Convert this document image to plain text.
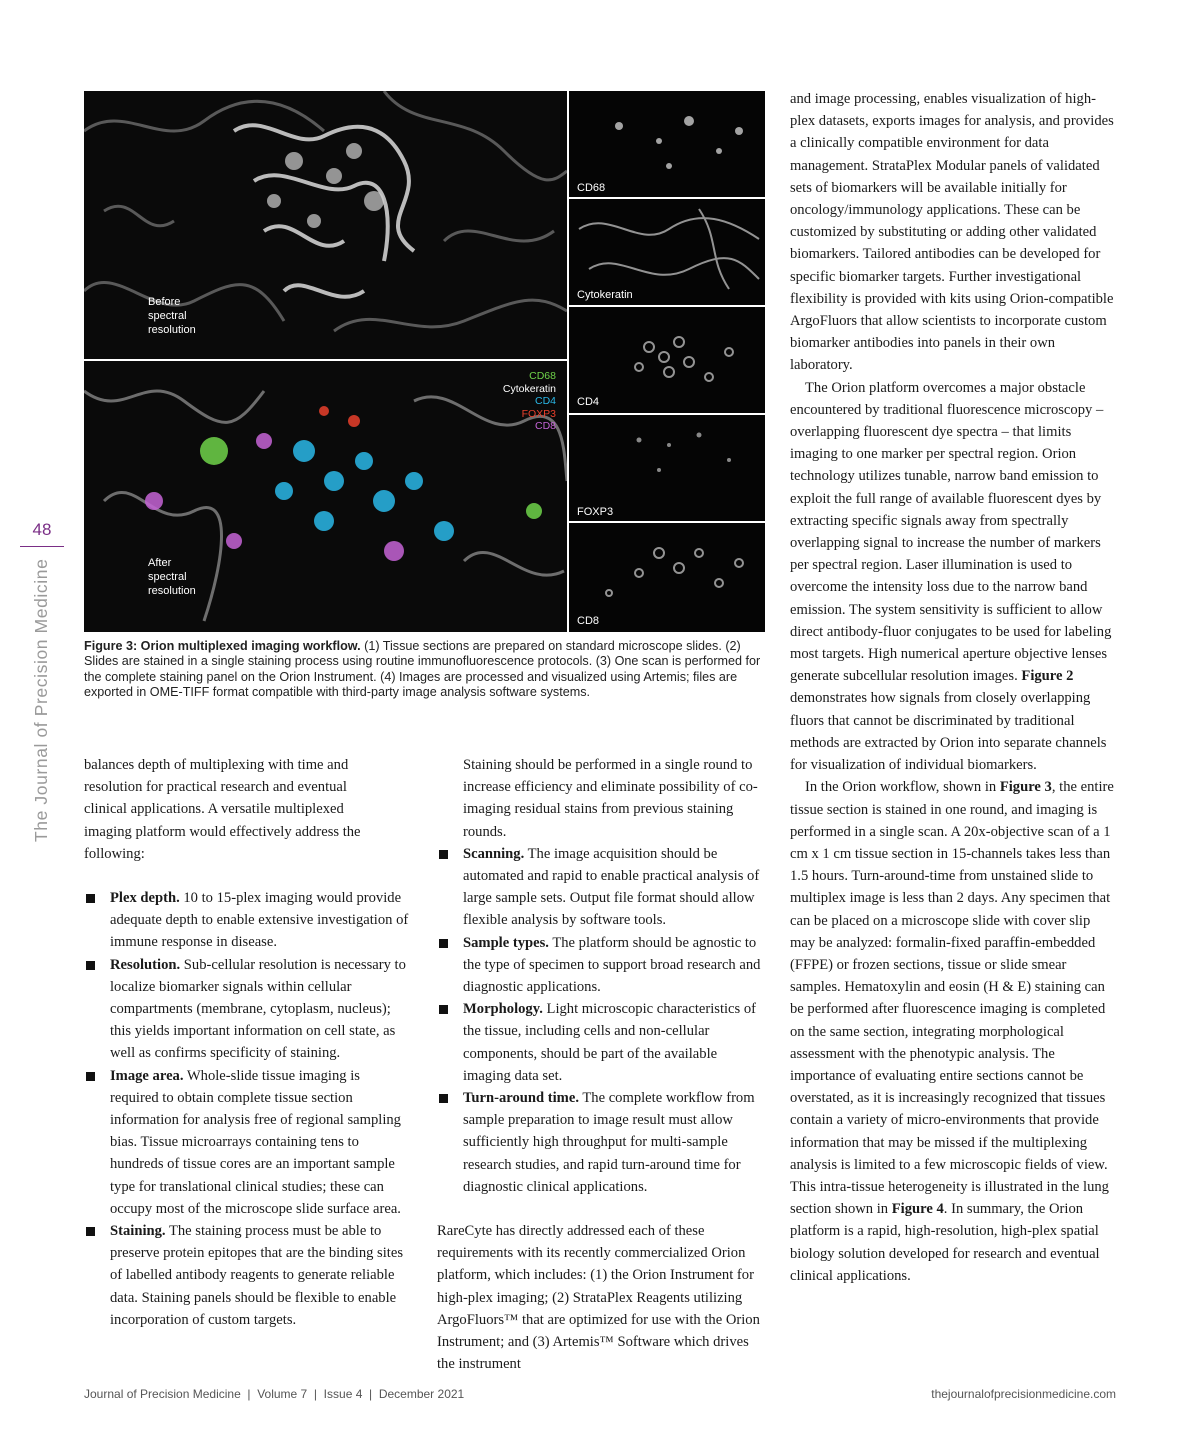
48
The Journal of Precision Medicine
Before
spectral
resolution
CD68
Cytokeratin
CD4
FOXP3
CD8
After
spectral
resolution
CD68
Cytokeratin
CD4
FOXP3
CD8
Figure 3: Orion multiplexed imaging workflow. (1) Tissue sections are prepared on standard microscope slides. (2) Slides are stained in a single staining process using routine immunofluorescence protocols. (3) One scan is performed for the complete staining panel on the Orion Instrument. (4) Images are processed and visualized using Artemis; files are exported in OME-TIFF format compatible with third-party image analysis software systems.

balances depth of multiplexing with time and resolution for practical research and eventual clinical applications. A versatile multiplexed imaging platform would effectively address the following:

Plex depth. 10 to 15-plex imaging would provide adequate depth to enable extensive investigation of immune response in disease.
Resolution. Sub-cellular resolution is necessary to localize biomarker signals within cellular compartments (membrane, cytoplasm, nucleus); this yields important information on cell state, as well as confirms specificity of staining.
Image area. Whole-slide tissue imaging is required to obtain complete tissue section information for analysis free of regional sampling bias. Tissue microarrays containing tens to hundreds of tissue cores are an important sample type for translational clinical studies; these can occupy most of the microscope slide surface area.
Staining. The staining process must be able to preserve protein epitopes that are the binding sites of labelled antibody reagents to generate reliable data. Staining panels should be flexible to enable incorporation of custom targets.

Staining should be performed in a single round to increase efficiency and eliminate possibility of co-imaging residual stains from previous staining rounds.

Scanning. The image acquisition should be automated and rapid to enable practical analysis of large sample sets. Output file format should allow flexible analysis by software tools.
Sample types. The platform should be agnostic to the type of specimen to support broad research and diagnostic applications.
Morphology. Light microscopic characteristics of the tissue, including cells and non-cellular components, should be part of the available imaging data set.
Turn-around time. The complete workflow from sample preparation to image result must allow sufficiently high throughput for multi-sample research studies, and rapid turn-around time for diagnostic clinical applications.

RareCyte has directly addressed each of these requirements with its recently commercialized Orion platform, which includes: (1) the Orion Instrument for high-plex imaging; (2) StrataPlex Reagents utilizing ArgoFluors™ that are optimized for use with the Orion Instrument; and (3) Artemis™ Software which drives the instrument

and image processing, enables visualization of high-plex datasets, exports images for analysis, and provides a clinically compatible environment for data management. StrataPlex Modular panels of validated sets of biomarkers will be available initially for oncology/immunology applications. These can be customized by substituting or adding other validated biomarkers. Tailored antibodies can be developed for specific biomarker targets. Further investigational flexibility is provided with kits using Orion-compatible ArgoFluors that allow scientists to incorporate custom biomarker antibodies into panels in their own laboratory.

The Orion platform overcomes a major obstacle encountered by traditional fluorescence microscopy – overlapping fluorescent dye spectra – that limits imaging to one marker per spectral region. Orion technology utilizes tunable, narrow band emission to exploit the full range of available fluorescent dyes by extracting specific signals away from spectrally overlapping signal to increase the number of markers per spectral region. Laser illumination is used to overcome the intensity loss due to the narrow band emission. The system sensitivity is sufficient to allow direct antibody-fluor conjugates to be used for labeling most targets. High numerical aperture objective lenses generate subcellular resolution images. Figure 2 demonstrates how signals from closely overlapping fluors that cannot be discriminated by traditional methods are extracted by Orion into separate channels for visualization of individual biomarkers.

In the Orion workflow, shown in Figure 3, the entire tissue section is stained in one round, and imaging is performed in a single scan. A 20x-objective scan of a 1 cm x 1 cm tissue section in 15-channels takes less than 1.5 hours. Turn-around-time from unstained slide to multiplex image is less than 2 days. Any specimen that can be placed on a microscope slide with cover slip may be analyzed: formalin-fixed paraffin-embedded (FFPE) or frozen sections, tissue or slide smear samples. Hematoxylin and eosin (H & E) staining can be performed after fluorescence imaging is completed on the same section, integrating morphological assessment with the phenotypic analysis. The importance of evaluating entire sections cannot be overstated, as it is increasingly recognized that tissues contain a variety of micro-environments that provide information that may be missed if the multiplexing analysis is limited to a few microscopic fields of view. This intra-tissue heterogeneity is illustrated in the lung section shown in Figure 4. In summary, the Orion platform is a rapid, high-resolution, high-plex spatial biology solution developed for research and eventual clinical applications.

Journal of Precision Medicine  |  Volume 7  |  Issue 4  |  December 2021	thejournalofprecisionmedicine.com
